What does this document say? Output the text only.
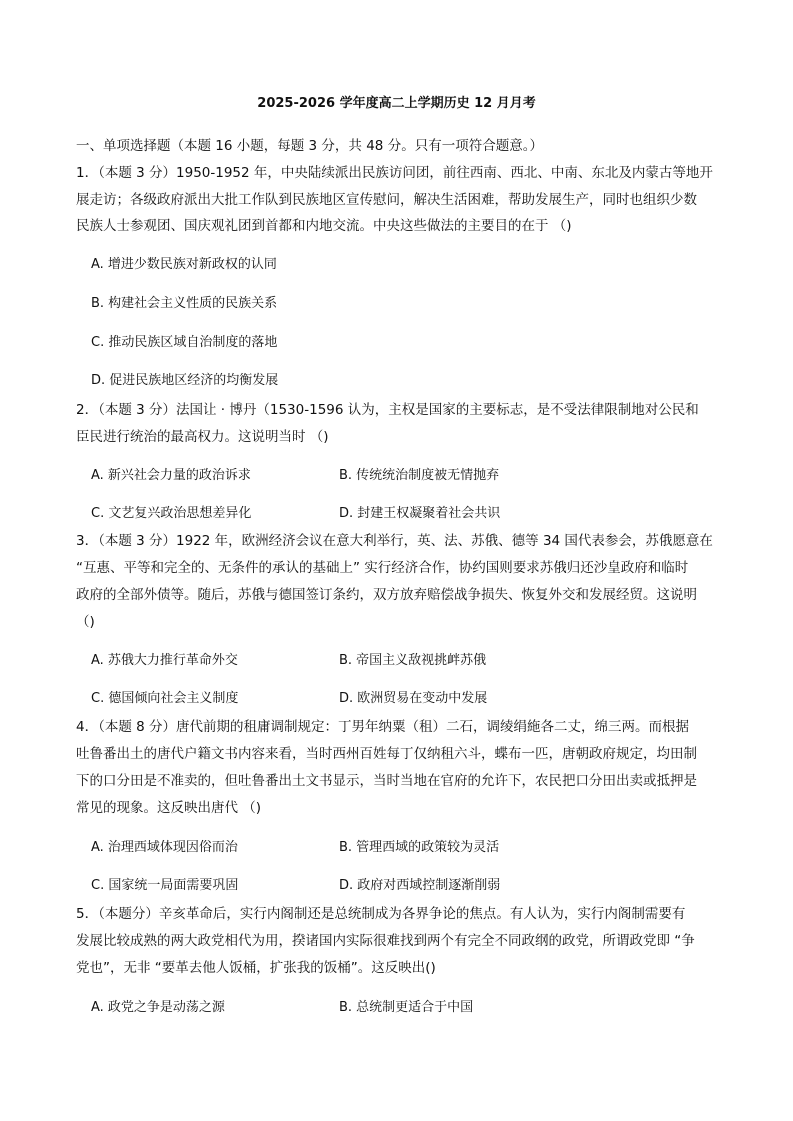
2025-2026 学年度高二上学期历史 12 月月考
一、单项选择题（本题 16 小题，每题 3 分，共 48 分。只有一项符合题意。）
1．（本题 3 分）1950-1952 年，中央陆续派出民族访问团，前往西南、西北、中南、东北及内蒙古等地开
展走访；各级政府派出大批工作队到民族地区宣传慰问，解决生活困难，帮助发展生产，同时也组织少数
民族人士参观团、国庆观礼团到首都和内地交流。中央这些做法的主要目的在于 （)
A. 增进少数民族对新政权的认同
B. 构建社会主义性质的民族关系
C. 推动民族区域自治制度的落地
D. 促进民族地区经济的均衡发展
2．（本题 3 分）法国让 · 博丹（1530-1596 认为，主权是国家的主要标志，是不受法律限制地对公民和
臣民进行统治的最高权力。这说明当时 （)
A. 新兴社会力量的政治诉求	B. 传统统治制度被无情抛弃
C. 文艺复兴政治思想差异化	D. 封建王权凝聚着社会共识
3．（本题 3 分）1922 年，欧洲经济会议在意大利举行，英、法、苏俄、德等 34 国代表参会，苏俄愿意在
“互惠、平等和完全的、无条件的承认的基础上” 实行经济合作，协约国则要求苏俄归还沙皇政府和临时
政府的全部外债等。随后，苏俄与德国签订条约，双方放弃赔偿战争损失、恢复外交和发展经贸。这说明
（)
A. 苏俄大力推行革命外交	B. 帝国主义敌视挑衅苏俄
C. 德国倾向社会主义制度	D. 欧洲贸易在变动中发展
4．（本题 8 分）唐代前期的租庸调制规定：丁男年纳粟（租）二石，调绫绢絁各二丈，绵三两。而根据
吐鲁番出土的唐代户籍文书内容来看，当时西州百姓每丁仅纳租六斗，蝶布一匹，唐朝政府规定，均田制
下的口分田是不准卖的，但吐鲁番出土文书显示，当时当地在官府的允许下，农民把口分田出卖或抵押是
常见的现象。这反映出唐代 （)
A. 治理西域体现因俗而治	B. 管理西域的政策较为灵活
C. 国家统一局面需要巩固	D. 政府对西域控制逐渐削弱
5．（本题分）辛亥革命后，实行内阁制还是总统制成为各界争论的焦点。有人认为，实行内阁制需要有
发展比较成熟的两大政党相代为用，揆诸国内实际很难找到两个有完全不同政纲的政党，所谓政党即 “争
党也”，无非 “要革去他人饭桶，扩张我的饭桶”。这反映出()
A. 政党之争是动荡之源	B. 总统制更适合于中国
